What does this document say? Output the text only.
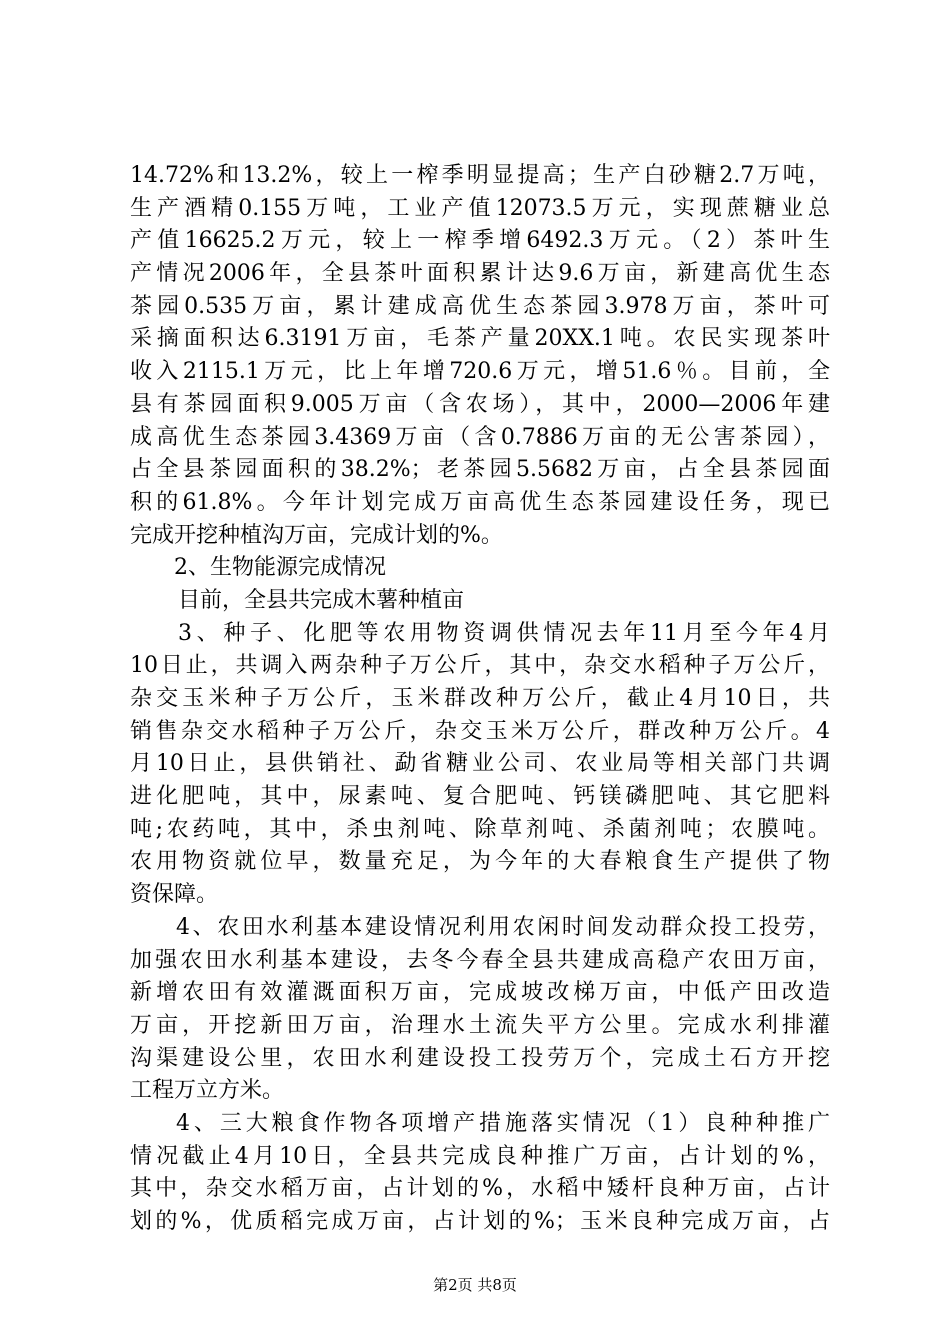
14.72%和13.2%，较上一榨季明显提高；生产白砂糖2.7万吨，
生产酒精0.155万吨，工业产值12073.5万元，实现蔗糖业总
产值16625.2万元，较上一榨季增6492.3万元。（2）茶叶生
产情况2006年，全县茶叶面积累计达9.6万亩，新建高优生态
茶园0.535万亩，累计建成高优生态茶园3.978万亩，茶叶可
采摘面积达6.3191万亩，毛茶产量20XX.1吨。农民实现茶叶
收入2115.1万元，比上年增720.6万元，增51.6％。目前，全
县有茶园面积9.005万亩（含农场），其中，2000—2006年建
成高优生态茶园3.4369万亩（含0.7886万亩的无公害茶园），
占全县茶园面积的38.2%；老茶园5.5682万亩，占全县茶园面
积的61.8%。今年计划完成万亩高优生态茶园建设任务，现已
完成开挖种植沟万亩，完成计划的%。
2、生物能源完成情况
目前，全县共完成木薯种植亩
3、种子、化肥等农用物资调供情况去年11月至今年4月
10日止，共调入两杂种子万公斤，其中，杂交水稻种子万公斤，
杂交玉米种子万公斤，玉米群改种万公斤，截止4月10日，共
销售杂交水稻种子万公斤，杂交玉米万公斤，群改种万公斤。4
月10日止，县供销社、勐省糖业公司、农业局等相关部门共调
进化肥吨，其中，尿素吨、复合肥吨、钙镁磷肥吨、其它肥料
吨;农药吨，其中，杀虫剂吨、除草剂吨、杀菌剂吨；农膜吨。
农用物资就位早，数量充足，为今年的大春粮食生产提供了物
资保障。
4、农田水利基本建设情况利用农闲时间发动群众投工投劳，
加强农田水利基本建设，去冬今春全县共建成高稳产农田万亩，
新增农田有效灌溉面积万亩，完成坡改梯万亩，中低产田改造
万亩，开挖新田万亩，治理水土流失平方公里。完成水利排灌
沟渠建设公里，农田水利建设投工投劳万个，完成土石方开挖
工程万立方米。
4、三大粮食作物各项增产措施落实情况（1）良种种推广
情况截止4月10日，全县共完成良种推广万亩，占计划的%，
其中，杂交水稻万亩，占计划的%，水稻中矮杆良种万亩，占计
划的%，优质稻完成万亩，占计划的%；玉米良种完成万亩，占
第2页 共8页
